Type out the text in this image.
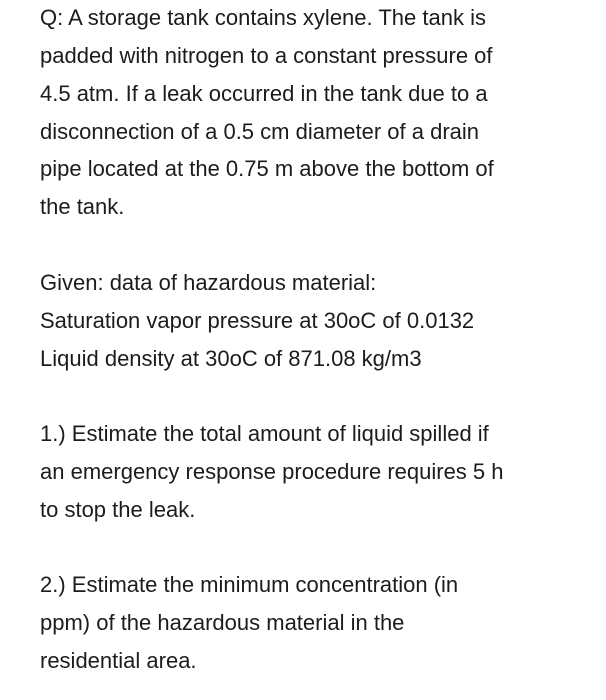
Q: A storage tank contains xylene. The tank is
padded with nitrogen to a constant pressure of
4.5 atm. If a leak occurred in the tank due to a
disconnection of a 0.5 cm diameter of a drain
pipe located at the 0.75 m above the bottom of
the tank.
Given: data of hazardous material:
Saturation vapor pressure at 30oC of 0.0132
Liquid density at 30oC of 871.08 kg/m3
1.) Estimate the total amount of liquid spilled if
an emergency response procedure requires 5 h
to stop the leak.
2.) Estimate the minimum concentration (in
ppm) of the hazardous material in the
residential area.
